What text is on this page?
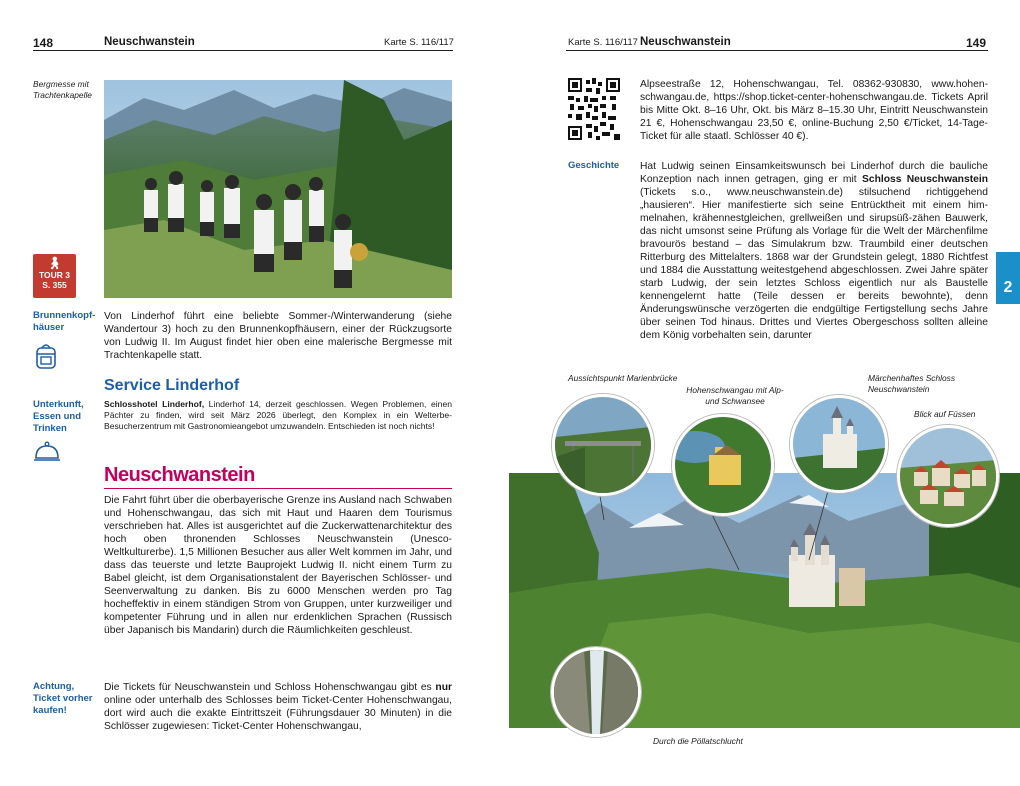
148	Neuschwanstein	Karte S. 116/117
Bergmesse mit Trachtenkapelle
🚶︎
TOUR 3
S. 355
Brunnenkopfhäuser
Von Linderhof führt eine beliebte Sommer-/Winterwanderung (siehe Wandertour 3) hoch zu den Brunnenkopfhäusern, einer der Rückzugsorte von Ludwig II. Im August findet hier oben eine malerische Bergmesse mit Trachtenkapelle statt.
Service Linderhof
Unterkunft, Essen und Trinken
Schlosshotel Linderhof, Linderhof 14, derzeit geschlossen. Wegen Problemen, einen Pächter zu finden, wird seit März 2026 überlegt, den Komplex in ein Welterbe-Besucherzentrum mit Gastronomieangebot umzuwandeln. Entschieden ist noch nichts!
Neuschwanstein
Die Fahrt führt über die oberbayerische Grenze ins Ausland nach Schwaben und Hohenschwangau, das sich mit Haut und Haaren dem Tourismus verschrieben hat. Alles ist ausgerichtet auf die Zuckerwattenarchitektur des hoch oben thronenden Schlosses Neuschwanstein (Unesco-Weltkulturerbe). 1,5 Millionen Besucher aus aller Welt kommen im Jahr, und dass das teuerste und letzte Bauprojekt Ludwig II. nicht einem Turm zu Babel gleicht, ist dem Organisationstalent der Bayerischen Schlösser- und Seenverwaltung zu danken. Bis zu 6000 Menschen werden pro Tag hocheffektiv in einem ständigen Strom von Gruppen, unter kurzweiliger und kompetenter Führung und in allen nur erdenklichen Sprachen (Russisch über Japanisch bis Mandarin) durch die Räumlichkeiten geschleust.
Achtung, Ticket vorher kaufen!
Die Tickets für Neuschwanstein und Schloss Hohenschwangau gibt es nur online oder unterhalb des Schlosses beim Ticket-Center Hohenschwangau, dort wird auch die exakte Eintrittszeit (Führungsdauer 30 Minuten) in die Schlösser zugewiesen: Ticket-Center Hohenschwangau,
Karte S. 116/117 Neuschwanstein	149
Alpseestraße 12, Hohenschwangau, Tel. 08362-930830, www.hohenschwangau.de, https://shop.ticket-center-hohenschwangau.de. Tickets April bis Mitte Okt. 8–16 Uhr, Okt. bis März 8–15.30 Uhr, Eintritt Neuschwanstein 21 €, Hohenschwangau 23,50 €, online-Buchung 2,50 €/Ticket, 14-Tage-Ticket für alle staatl. Schlösser 40 €).
Geschichte Hat Ludwig seinen Einsamkeitswunsch bei Linderhof durch die bauliche Konzeption nach innen getragen, ging er mit Schloss Neuschwanstein (Tickets s.o., www.neuschwanstein.de) stilsuchend richtiggehend „hausieren“. Hier manifestierte sich seine Entrücktheit mit einem himmelnahen, krähennestgleichen, grellweißen und sirupsüß-zähen Bauwerk, das nicht umsonst seine Prüfung als Vorlage für die Welt der Märchenfilme bravourös bestand – das Simulakrum bzw. Traumbild einer deutschen Ritterburg des Mittelalters. 1868 war der Grundstein gelegt, 1880 Richtfest und 1884 die Ausstattung weitestgehend abgeschlossen. Zwei Jahre später starb Ludwig, der sein letztes Schloss eigentlich nur als Baustelle kennengelernt hatte (Teile dessen er bereits bewohnte), denn Änderungswünsche verzögerten die endgültige Fertigstellung sechs Jahre über seinen Tod hinaus. Drittes und Viertes Obergeschoss sollten alleine dem König vorbehalten sein, darunter
2
Durch die Pöllatschlucht
Aussichtspunkt Marienbrücke
Hohenschwangau mit Alp- und Schwansee
Märchenhaftes Schloss Neuschwanstein
Blick auf Füssen
